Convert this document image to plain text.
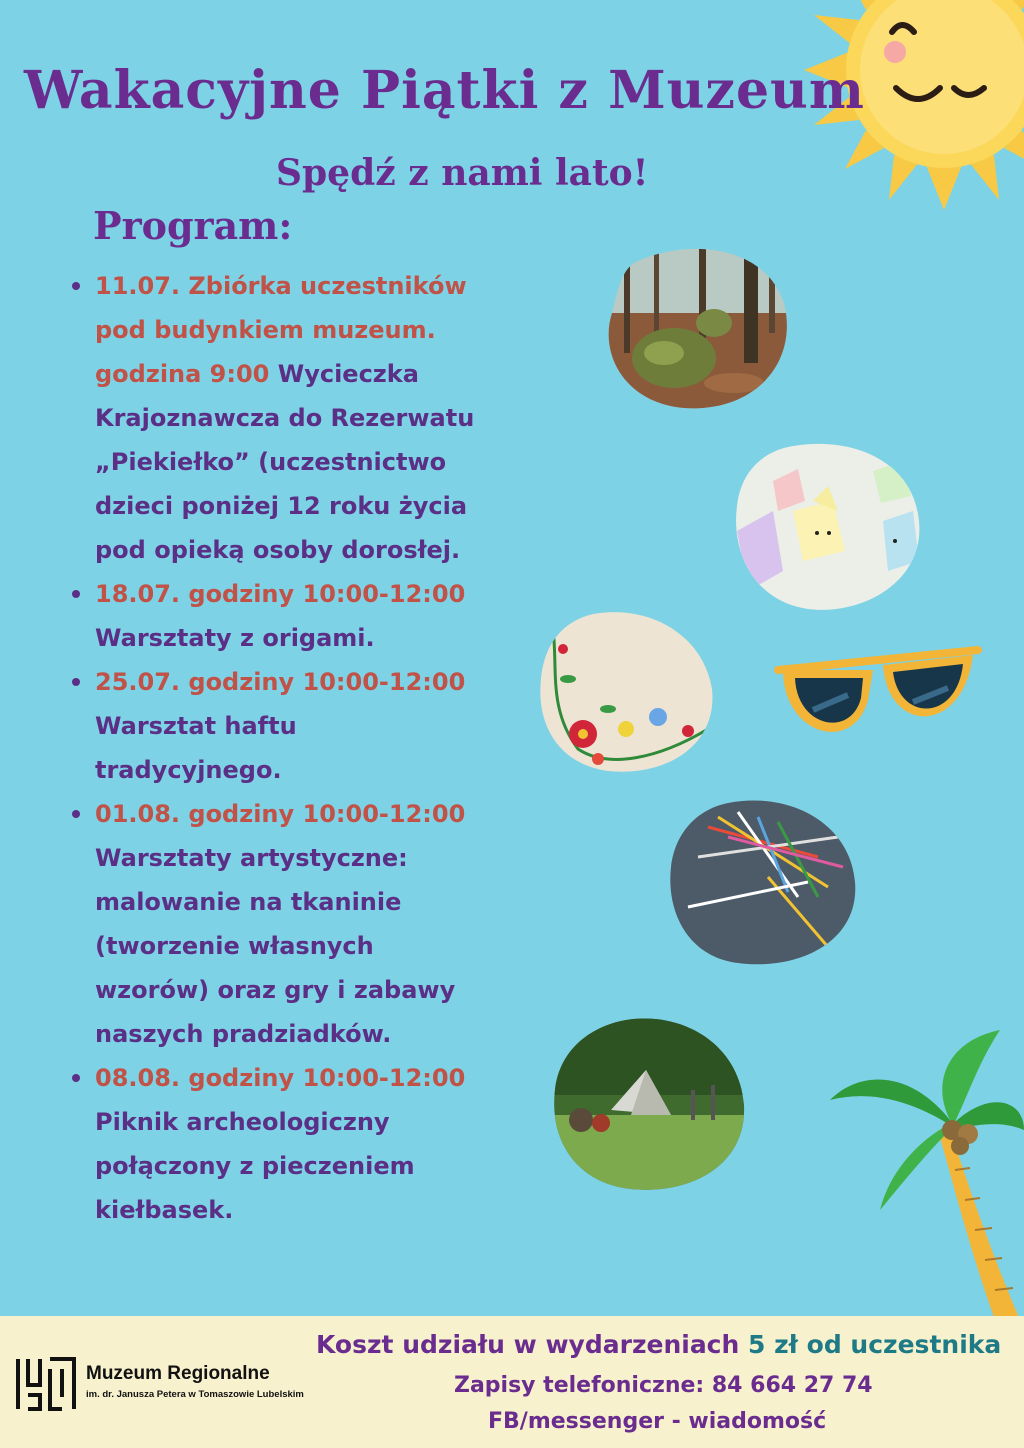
Wakacyjne Piątki z Muzeum
Spędź z nami lato!
Program:
11.07. Zbiórka uczestników pod budynkiem muzeum. godzina 9:00 Wycieczka Krajoznawcza do Rezerwatu „Piekiełko” (uczestnictwo dzieci poniżej 12 roku życia pod opieką osoby dorosłej.
18.07. godziny 10:00-12:00
Warsztaty z origami.
25.07. godziny 10:00-12:00
Warsztat haftu tradycyjnego.
01.08. godziny 10:00-12:00
Warsztaty artystyczne: malowanie na tkaninie (tworzenie własnych wzorów) oraz gry i zabawy naszych pradziadków.
08.08. godziny 10:00-12:00 Piknik archeologiczny połączony z pieczeniem kiełbasek.
Muzeum Regionalne
im. dr. Janusza Petera w Tomaszowie Lubelskim
Koszt udziału w wydarzeniach 5 zł od uczestnika
Zapisy telefoniczne: 84 664 27 74
FB/messenger - wiadomość
